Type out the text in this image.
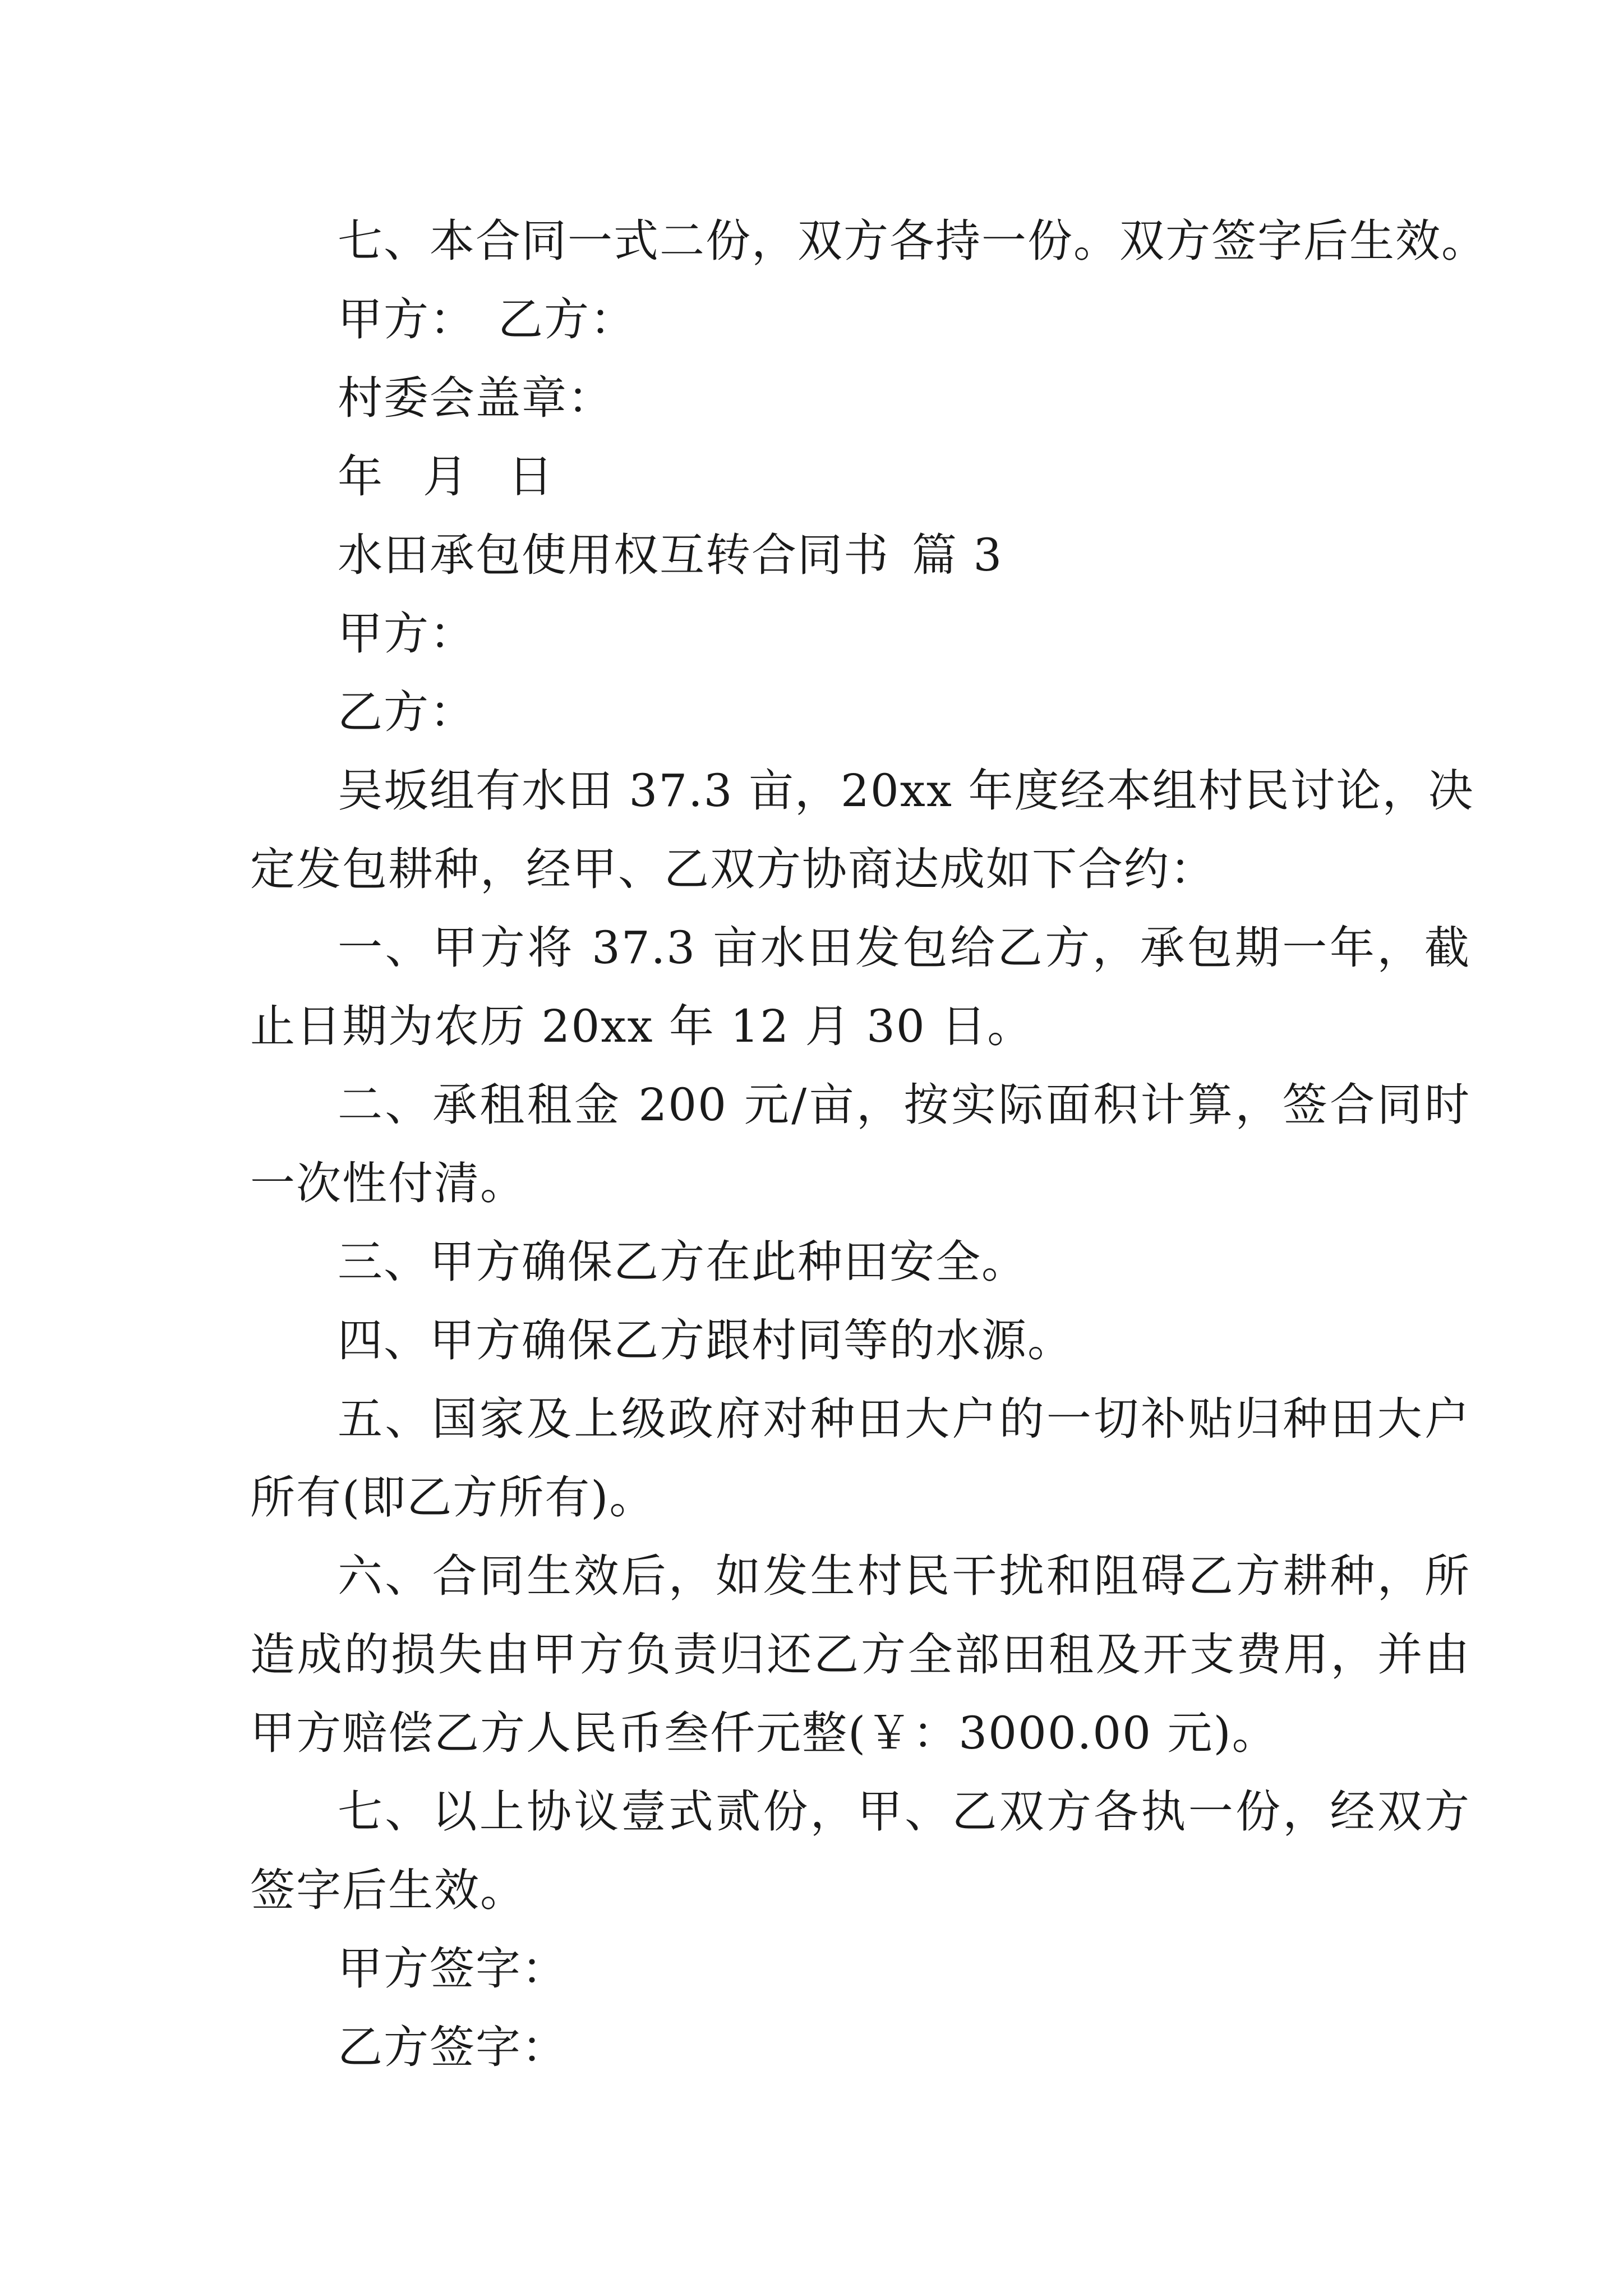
七、本合同一式二份，双方各持一份。双方签字后生效。
甲方： 乙方：
村委会盖章：
年 月 日
水田承包使用权互转合同书 篇 3
甲方：
乙方：
吴坂组有水田 37.3 亩，20xx 年度经本组村民讨论，决
定发包耕种，经甲、乙双方协商达成如下合约：
一、甲方将 37.3 亩水田发包给乙方，承包期一年，截
止日期为农历 20xx 年 12 月 30 日。
二、承租租金 200 元/亩，按实际面积计算，签合同时
一次性付清。
三、甲方确保乙方在此种田安全。
四、甲方确保乙方跟村同等的水源。
五、国家及上级政府对种田大户的一切补贴归种田大户
所有(即乙方所有)。
六、合同生效后，如发生村民干扰和阻碍乙方耕种，所
造成的损失由甲方负责归还乙方全部田租及开支费用，并由
甲方赔偿乙方人民币叁仟元整(￥：3000.00 元)。
七、以上协议壹式贰份，甲、乙双方各执一份，经双方
签字后生效。
甲方签字：
乙方签字：
